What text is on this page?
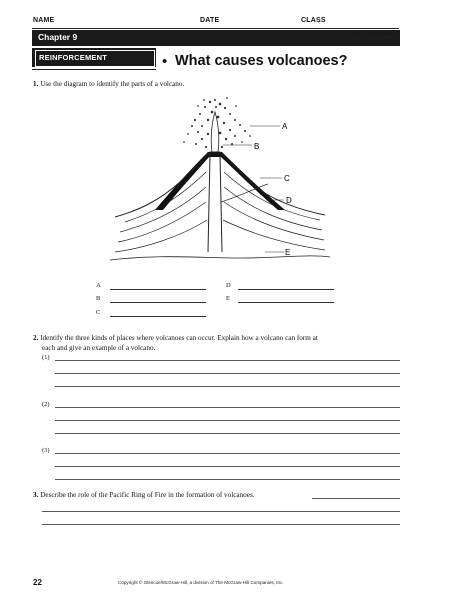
NAME	DATE	CLASS
Chapter 9	Use with Section 1
REINFORCEMENT	• What causes volcanoes?
1. Use the diagram to identify the parts of a volcano.
A
B
C
D
E
A
B
C
D
E
2. Identify the three kinds of places where volcanoes can occur. Explain how a volcano can form at
each and give an example of a volcano.
(1)
(2)
(3)
3. Describe the role of the Pacific Ring of Fire in the formation of volcanoes.
22	Copyright © Glencoe/McGraw-Hill, a division of The McGraw-Hill Companies, Inc.
